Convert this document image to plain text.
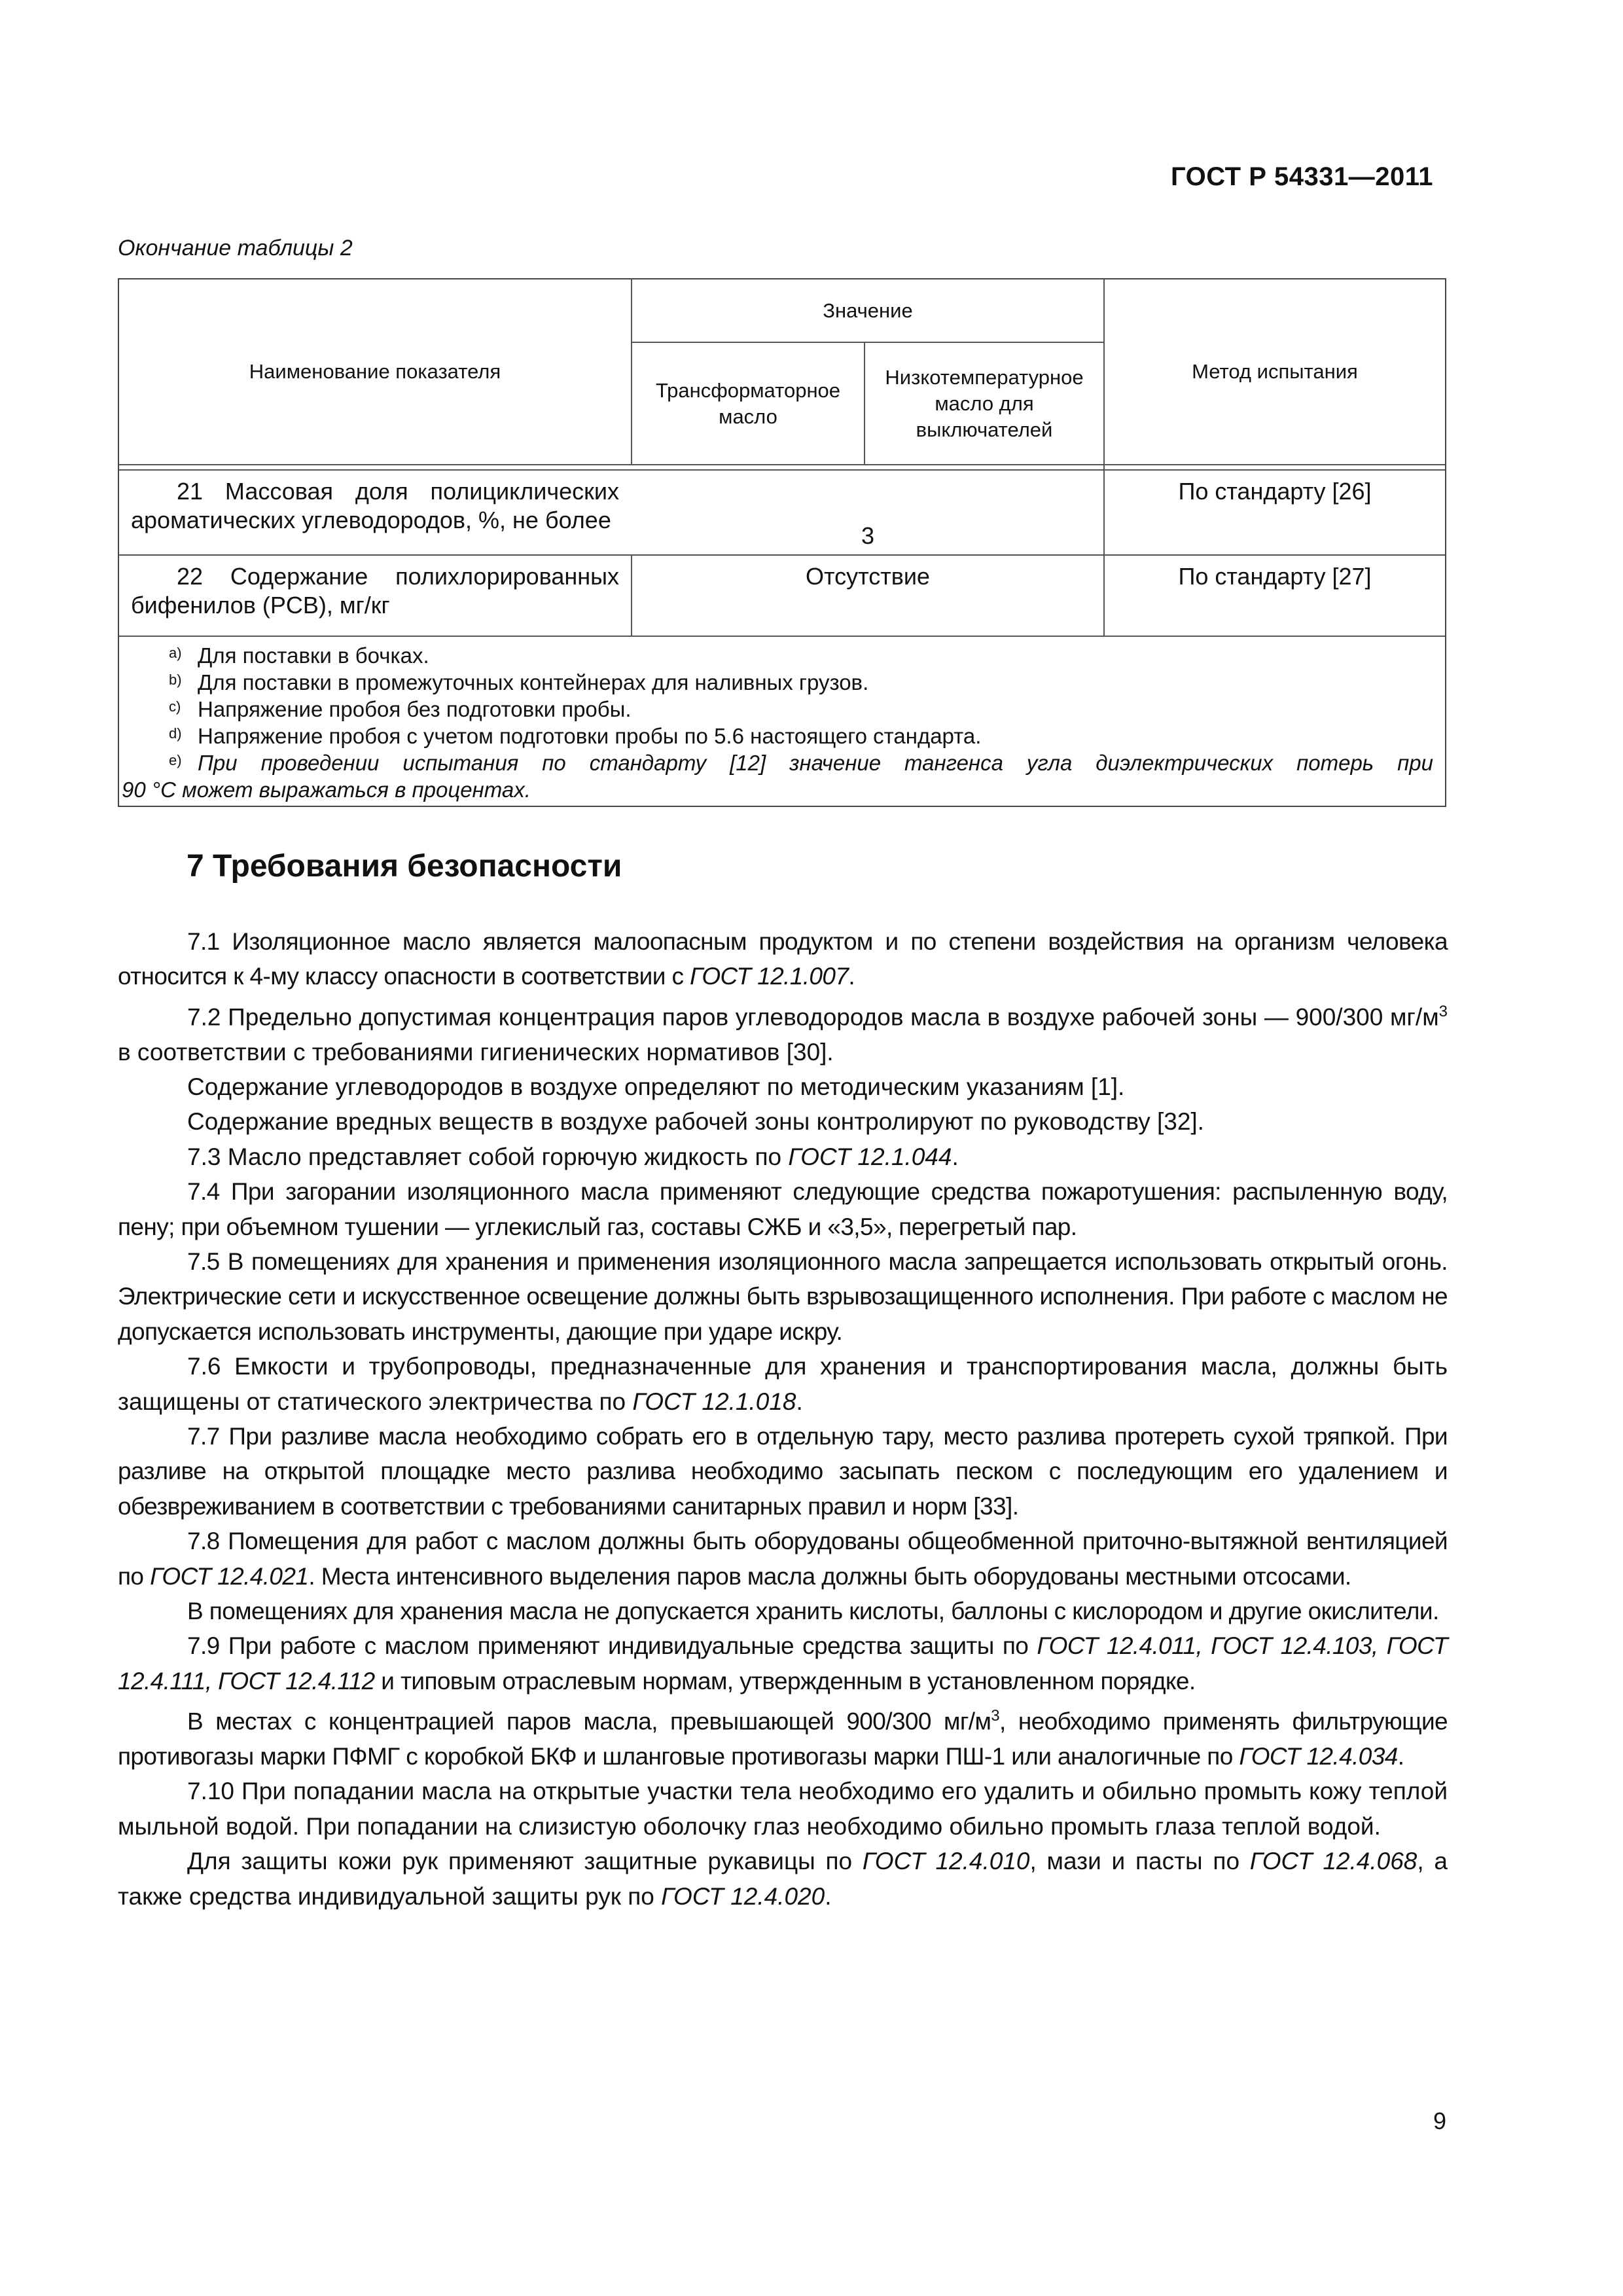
ГОСТ Р 54331—2011
Окончание таблицы 2
Наименование показателя
Значение
Трансформаторное масло
Низкотемпературное масло для выключателей
Метод испытания
21 Массовая доля полициклических ароматических углеводородов, %, не более
3
По стандарту [26]
22 Содержание полихлорированных бифенилов (PCB), мг/кг
Отсутствие	По стандарту [27]
a) Для поставки в бочках.
b) Для поставки в промежуточных контейнерах для наливных грузов.
c) Напряжение пробоя без подготовки пробы.
d) Напряжение пробоя с учетом подготовки пробы по 5.6 настоящего стандарта.
e) При проведении испытания по стандарту [12] значение тангенса угла диэлектрических потерь при
90 °С может выражаться в процентах.
7 Требования безопасности

7.1 Изоляционное масло является малоопасным продуктом и по степени воздействия на организм человека относится к 4-му классу опасности в соответствии с ГОСТ 12.1.007.

7.2 Предельно допустимая концентрация паров углеводородов масла в воздухе рабочей зоны — 900/300 $мг/м^3$ в соответствии с требованиями гигиенических нормативов [30].

Содержание углеводородов в воздухе определяют по методическим указаниям [1].

Содержание вредных веществ в воздухе рабочей зоны контролируют по руководству [32].

7.3 Масло представляет собой горючую жидкость по ГОСТ 12.1.044.

7.4 При загорании изоляционного масла применяют следующие средства пожаротушения: распыленную воду, пену; при объемном тушении — углекислый газ, составы СЖБ и «3,5», перегретый пар.

7.5 В помещениях для хранения и применения изоляционного масла запрещается использовать открытый огонь. Электрические сети и искусственное освещение должны быть взрывозащищенного исполнения. При работе с маслом не допускается использовать инструменты, дающие при ударе искру.

7.6 Емкости и трубопроводы, предназначенные для хранения и транспортирования масла, должны быть защищены от статического электричества по ГОСТ 12.1.018.

7.7 При разливе масла необходимо собрать его в отдельную тару, место разлива протереть сухой тряпкой. При разливе на открытой площадке место разлива необходимо засыпать песком с последующим его удалением и обезвреживанием в соответствии с требованиями санитарных правил и норм [33].

7.8 Помещения для работ с маслом должны быть оборудованы общеобменной приточно-вытяжной вентиляцией по ГОСТ 12.4.021. Места интенсивного выделения паров масла должны быть оборудованы местными отсосами.

В помещениях для хранения масла не допускается хранить кислоты, баллоны с кислородом и другие окислители.

7.9 При работе с маслом применяют индивидуальные средства защиты по ГОСТ 12.4.011, ГОСТ 12.4.103, ГОСТ 12.4.111, ГОСТ 12.4.112 и типовым отраслевым нормам, утвержденным в установленном порядке.

В местах с концентрацией паров масла, превышающей 900/300 $мг/м^3$, необходимо применять фильтрующие противогазы марки ПФМГ с коробкой БКФ и шланговые противогазы марки ПШ-1 или аналогичные по ГОСТ 12.4.034.

7.10 При попадании масла на открытые участки тела необходимо его удалить и обильно промыть кожу теплой мыльной водой. При попадании на слизистую оболочку глаз необходимо обильно промыть глаза теплой водой.

Для защиты кожи рук применяют защитные рукавицы по ГОСТ 12.4.010, мази и пасты по ГОСТ 12.4.068, а также средства индивидуальной защиты рук по ГОСТ 12.4.020.

9
